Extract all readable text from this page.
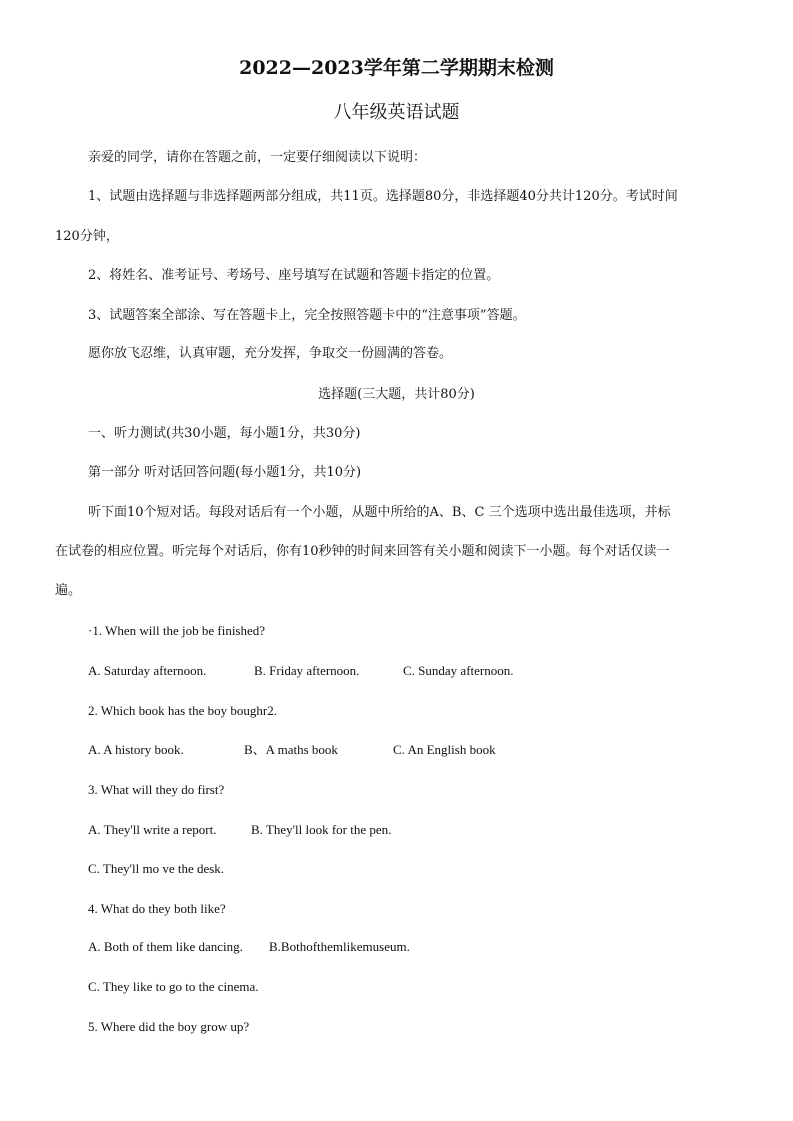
2022—2023学年第二学期期末检测

八年级英语试题

亲爱的同学，请你在答题之前，一定要仔细阅读以下说明：

1、试题由选择题与非选择题两部分组成，共11页。选择题80分，非选择题40分共计120分。考试时间

120分钟，

2、将姓名、准考证号、考场号、座号填写在试题和答题卡指定的位置。

3、试题答案全部涂、写在答题卡上，完全按照答题卡中的“注意事项”答题。

愿你放飞忍维，认真审题，充分发挥，争取交一份圆满的答卷。

选择题(三大题，共计80分)

一、听力测试(共30小题，每小题1分，共30分)

第一部分 听对话回答问题(每小题1分，共10分)

听下面10个短对话。每段对话后有一个小题，从题中所给的A、B、C 三个选项中选出最佳选项，并标

在试卷的相应位置。听完每个对话后，你有10秒钟的时间来回答有关小题和阅读下一小题。每个对话仅读一

遍。

·1. When will the job be finished?

A. Saturday afternoon.	B. Friday afternoon.	C. Sunday afternoon.

2. Which book has the boy boughr2.

A. A history book.	B、A maths book	C. An English book

3. What will they do first?

A. They'll write a report.	B. They'll look for the pen.
C. They'll mo ve the desk.

4. What do they both like?

A. Both of them like dancing. B.Bothofthemlikemuseum.
C. They like to go to the cinema.

5. Where did the boy grow up?
